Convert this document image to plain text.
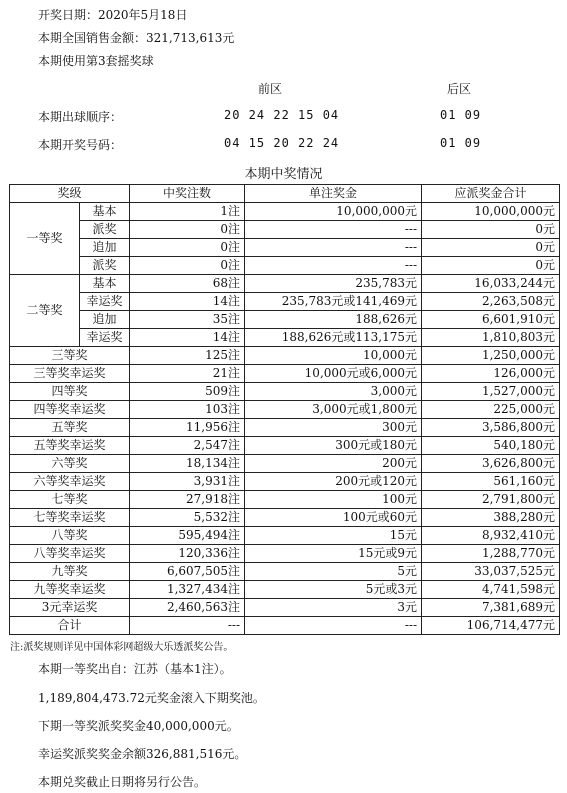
开奖日期：2020年5月18日
本期全国销售金额：321,713,613元
本期使用第3套摇奖球
前区	后区
本期出球顺序：	20 24 22 15 04	01 09
本期开奖号码：	04 15 20 22 24	01 09
本期中奖情况
奖级		中奖注数	单注奖金	应派奖金合计
一等奖	基本	1注	10,000,000元	10,000,000元
	派奖	0注	---	0元
	追加	0注	---	0元
	派奖	0注	---	0元
二等奖	基本	68注	235,783元	16,033,244元
	幸运奖	14注	235,783元或141,469元	2,263,508元
	追加	35注	188,626元	6,601,910元
	幸运奖	14注	188,626元或113,175元	1,810,803元
三等奖		125注	10,000元	1,250,000元
三等奖幸运奖		21注	10,000元或6,000元	126,000元
四等奖		509注	3,000元	1,527,000元
四等奖幸运奖		103注	3,000元或1,800元	225,000元
五等奖		11,956注	300元	3,586,800元
五等奖幸运奖		2,547注	300元或180元	540,180元
六等奖		18,134注	200元	3,626,800元
六等奖幸运奖		3,931注	200元或120元	561,160元
七等奖		27,918注	100元	2,791,800元
七等奖幸运奖		5,532注	100元或60元	388,280元
八等奖		595,494注	15元	8,932,410元
八等奖幸运奖		120,336注	15元或9元	1,288,770元
九等奖		6,607,505注	5元	33,037,525元
九等奖幸运奖		1,327,434注	5元或3元	4,741,598元
3元幸运奖		2,460,563注	3元	7,381,689元
合计		---	---	106,714,477元
注:派奖规则详见中国体彩网超级大乐透派奖公告。
本期一等奖出自：江苏（基本1注）。
1,189,804,473.72元奖金滚入下期奖池。
下期一等奖派奖奖金40,000,000元。
幸运奖派奖奖金余额326,881,516元。
本期兑奖截止日期将另行公告。
